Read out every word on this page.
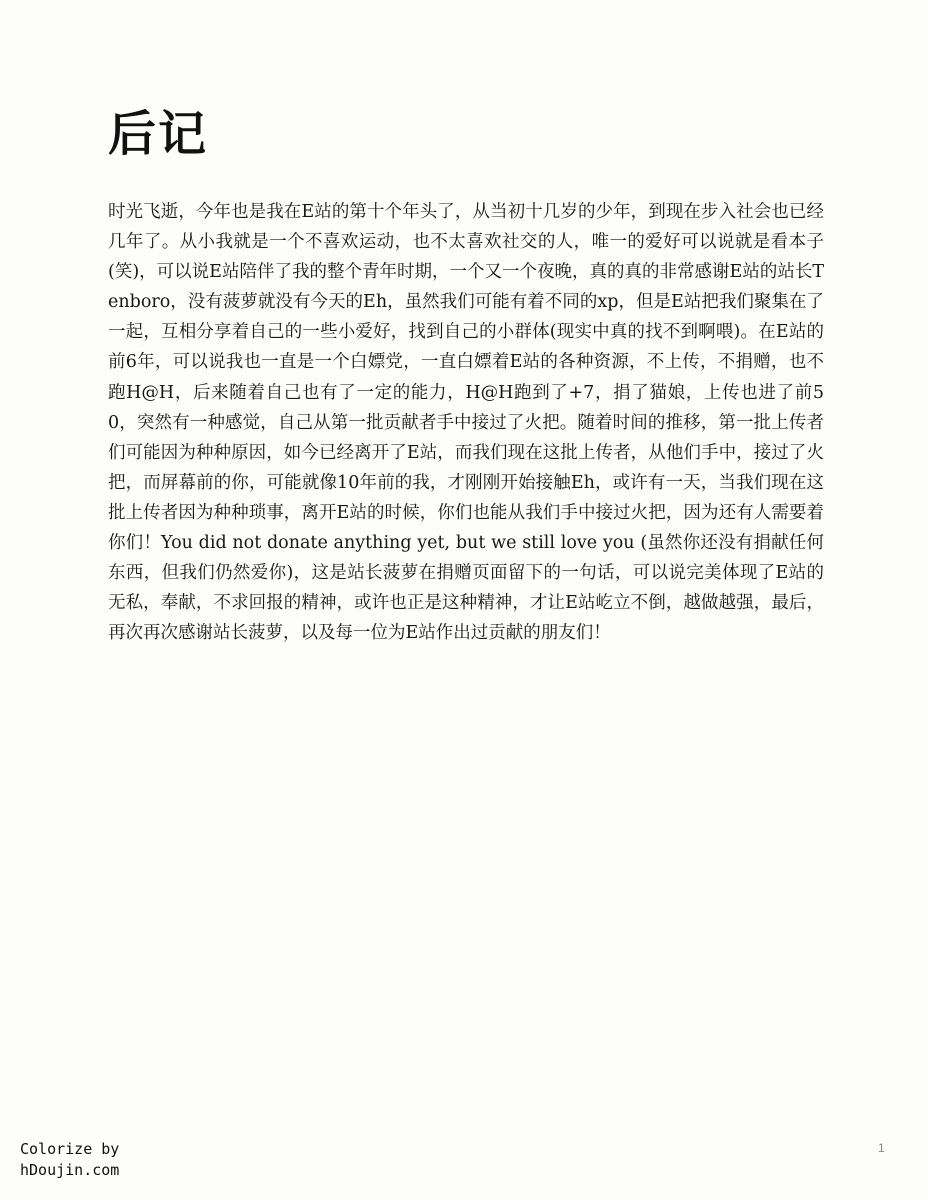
后记

时光飞逝，今年也是我在E站的第十个年头了，从当初十几岁的少年，到现在步入社会也已经几年了。从小我就是一个不喜欢运动，也不太喜欢社交的人，唯一的爱好可以说就是看本子(笑)，可以说E站陪伴了我的整个青年时期，一个又一个夜晚，真的真的非常感谢E站的站长Tenboro，没有菠萝就没有今天的Eh，虽然我们可能有着不同的xp，但是E站把我们聚集在了一起，互相分享着自己的一些小爱好，找到自己的小群体(现实中真的找不到啊喂)。在E站的前6年，可以说我也一直是一个白嫖党，一直白嫖着E站的各种资源，不上传，不捐赠，也不跑H@H，后来随着自己也有了一定的能力，H@H跑到了+7，捐了猫娘，上传也进了前50，突然有一种感觉，自己从第一批贡献者手中接过了火把。随着时间的推移，第一批上传者们可能因为种种原因，如今已经离开了E站，而我们现在这批上传者，从他们手中，接过了火把，而屏幕前的你，可能就像10年前的我，才刚刚开始接触Eh，或许有一天，当我们现在这批上传者因为种种琐事，离开E站的时候，你们也能从我们手中接过火把，因为还有人需要着你们！You did not donate anything yet, but we still love you (虽然你还没有捐献任何东西，但我们仍然爱你)，这是站长菠萝在捐赠页面留下的一句话，可以说完美体现了E站的无私，奉献，不求回报的精神，或许也正是这种精神，才让E站屹立不倒，越做越强，最后，再次再次感谢站长菠萝，以及每一位为E站作出过贡献的朋友们！

Colorize by
hDoujin.com
1
